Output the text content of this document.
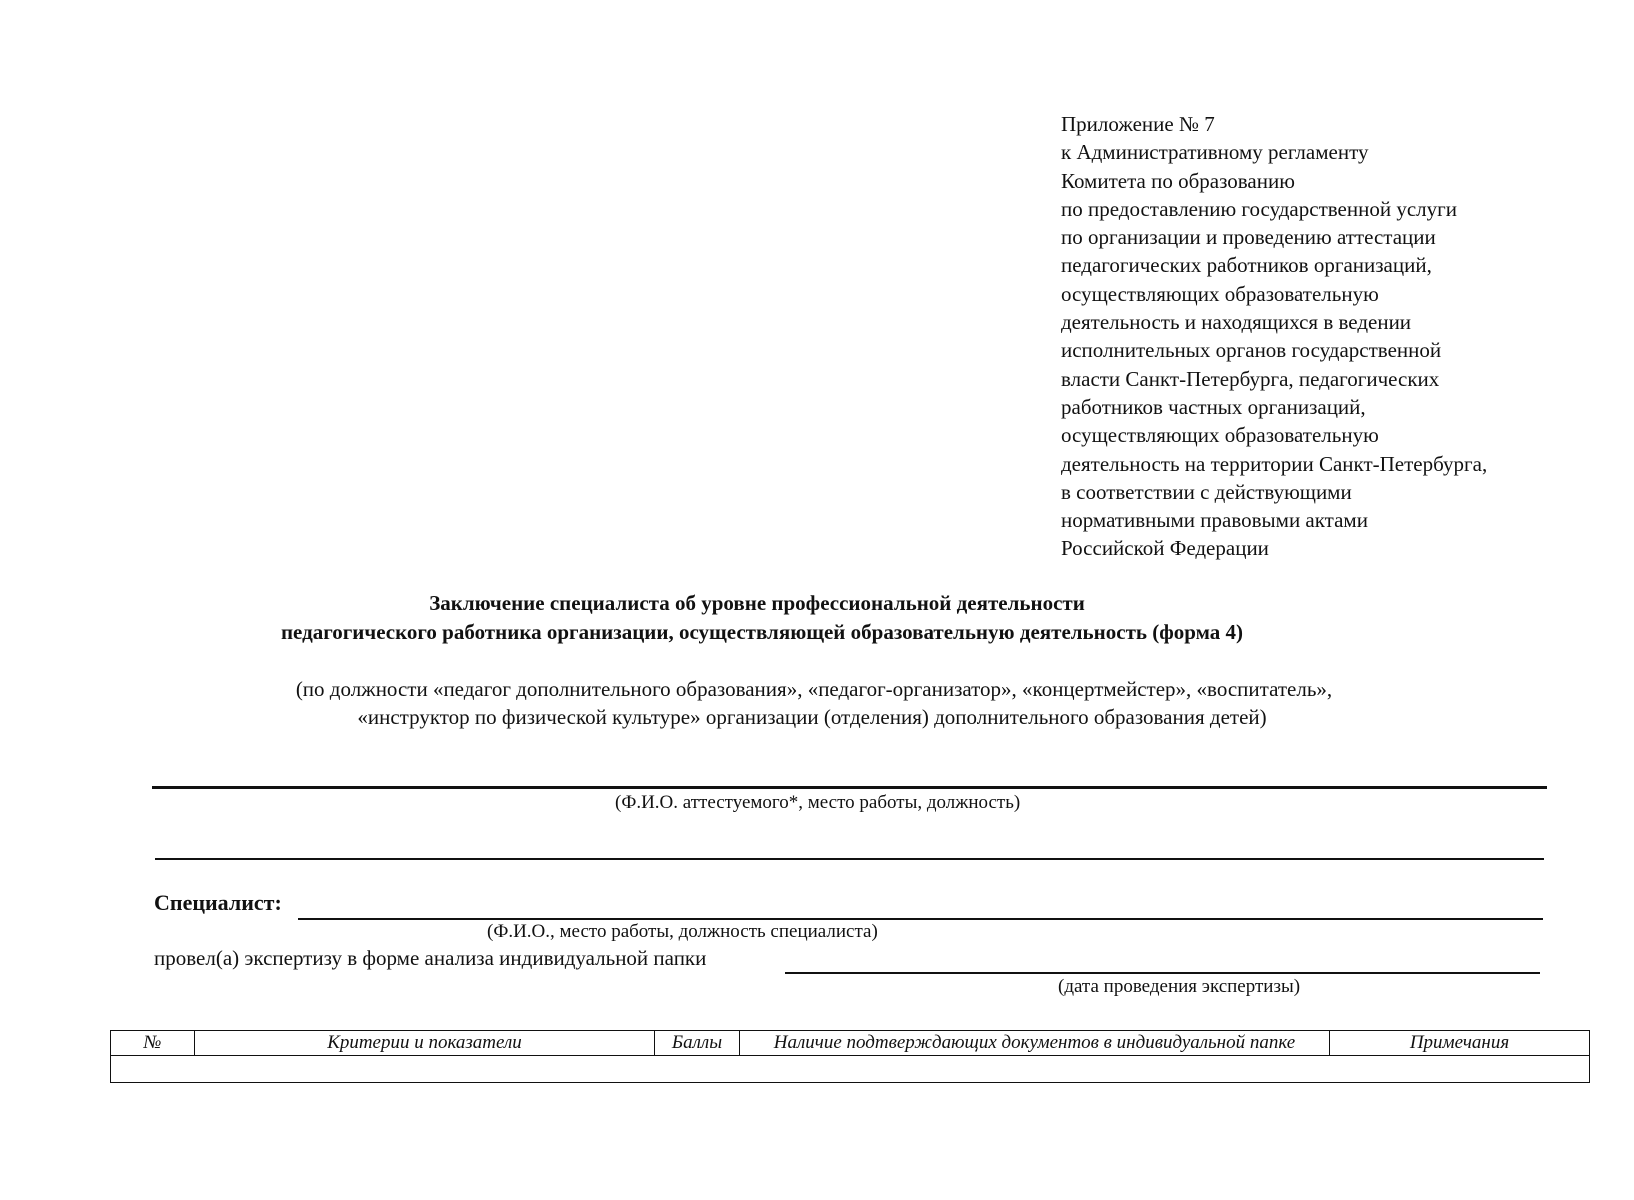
Приложение № 7
к Административному регламенту
Комитета по образованию
по предоставлению государственной услуги
по организации и проведению аттестации
педагогических работников организаций,
осуществляющих образовательную
деятельность и находящихся в ведении
исполнительных органов государственной
власти Санкт-Петербурга, педагогических
работников частных организаций,
осуществляющих образовательную
деятельность на территории Санкт-Петербурга,
в соответствии с действующими
нормативными правовыми актами
Российской Федерации
Заключение специалиста об уровне профессиональной деятельности
педагогического работника организации, осуществляющей образовательную деятельность (форма 4)
(по должности «педагог дополнительного образования», «педагог-организатор», «концертмейстер», «воспитатель»,
«инструктор по физической культуре» организации (отделения) дополнительного образования детей)
(Ф.И.О. аттестуемого*, место работы, должность)
Специалист:
(Ф.И.О., место работы, должность специалиста)
провел(а) экспертизу в форме анализа индивидуальной папки
(дата проведения экспертизы)
№	Критерии и показатели	Баллы	Наличие подтверждающих документов в индивидуальной папке	Примечания
